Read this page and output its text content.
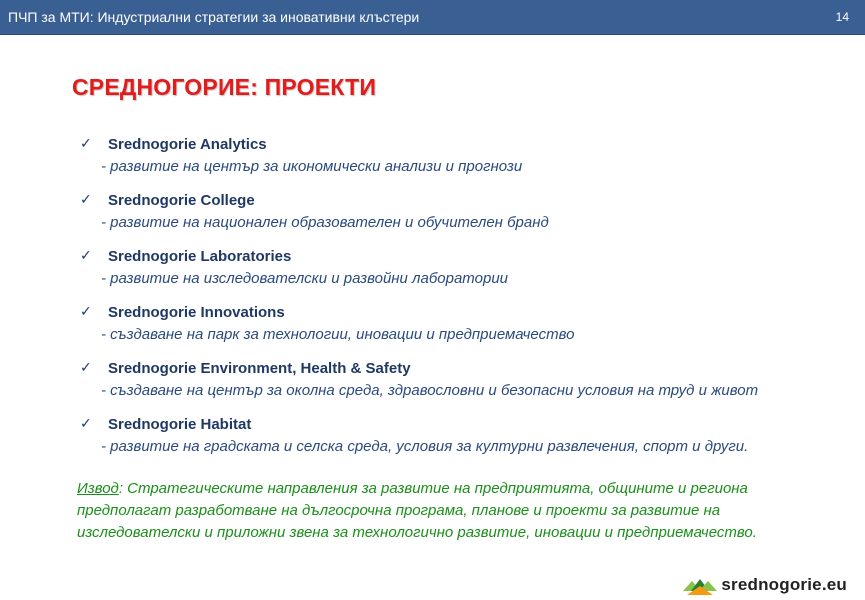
ПЧП за МТИ: Индустриални стратегии за иновативни клъстери	14
СРЕДНОГОРИЕ: ПРОЕКТИ
✓ Srednogorie Analytics
- развитие на център за икономически анализи и прогнози
✓ Srednogorie College
- развитие на национален образователен и обучителен бранд
✓ Srednogorie Laboratories
- развитие на изследователски и развойни лаборатории
✓ Srednogorie Innovations
- създаване на парк за технологии, иновации и предприемачество
✓ Srednogorie Environment, Health & Safety
- създаване на център за околна среда, здравословни и безопасни условия на труд и живот
✓ Srednogorie Habitat
- развитие на градската и селска среда, условия за културни развлечения, спорт и други.
Извод: Стратегическите направления за развитие на предприятията, общините и региона предполагат разработване на дългосрочна програма, планове и проекти за развитие на изследователски и приложни звена за технологично развитие, иновации и предприемачество.
srednogorie.eu
